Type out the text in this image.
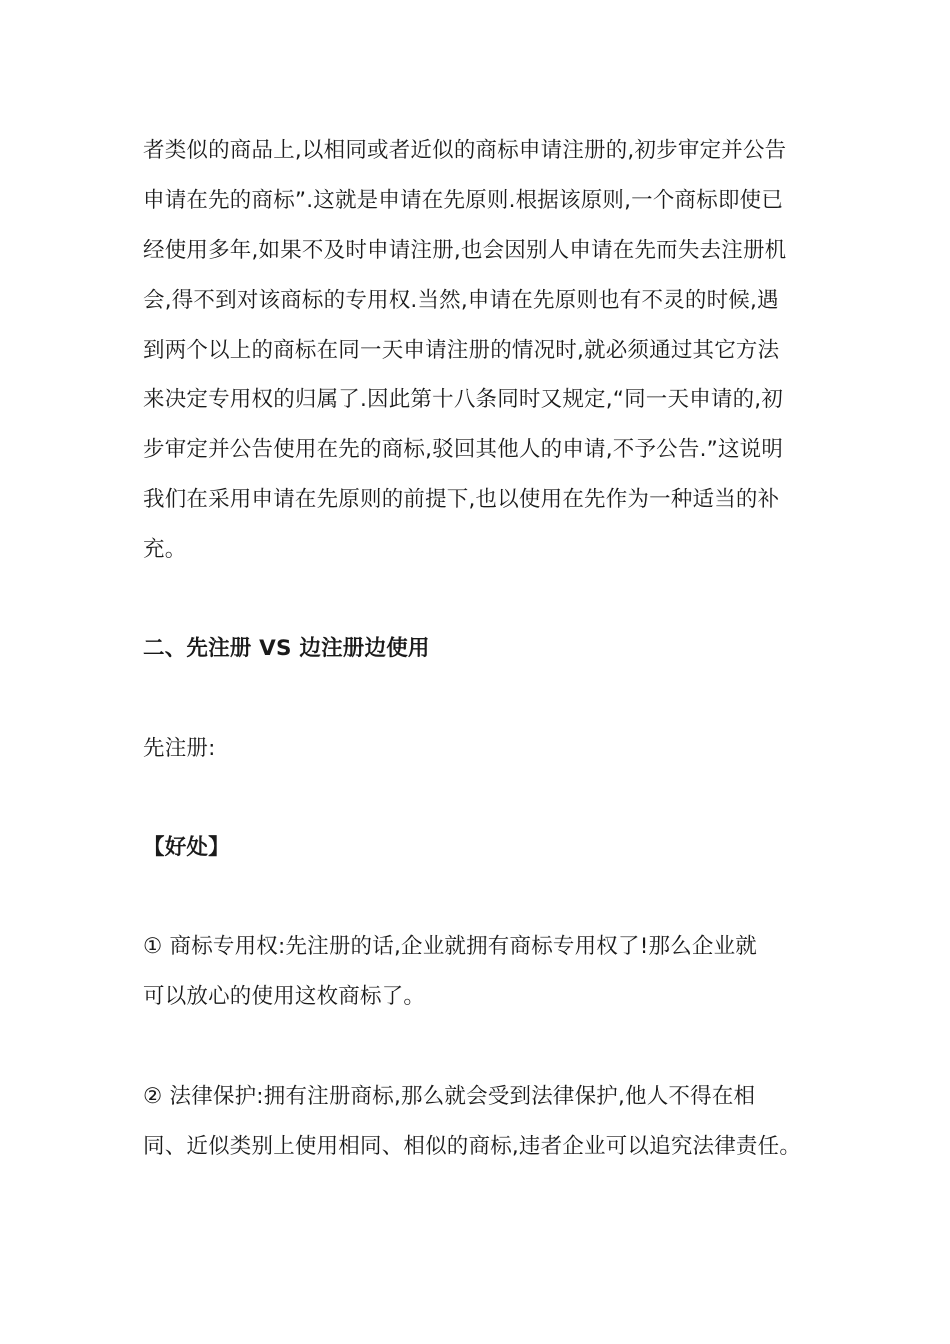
者类似的商品上,以相同或者近似的商标申请注册的,初步审定并公告
申请在先的商标”.这就是申请在先原则.根据该原则,一个商标即使已
经使用多年,如果不及时申请注册,也会因别人申请在先而失去注册机
会,得不到对该商标的专用权.当然,申请在先原则也有不灵的时候,遇
到两个以上的商标在同一天申请注册的情况时,就必须通过其它方法
来决定专用权的归属了.因此第十八条同时又规定,“同一天申请的,初
步审定并公告使用在先的商标,驳回其他人的申请,不予公告.”这说明
我们在采用申请在先原则的前提下,也以使用在先作为一种适当的补
充。
二、先注册 VS 边注册边使用
先注册:
【好处】
① 商标专用权:先注册的话,企业就拥有商标专用权了!那么企业就
可以放心的使用这枚商标了。
② 法律保护:拥有注册商标,那么就会受到法律保护,他人不得在相
同、近似类别上使用相同、相似的商标,违者企业可以追究法律责任。
